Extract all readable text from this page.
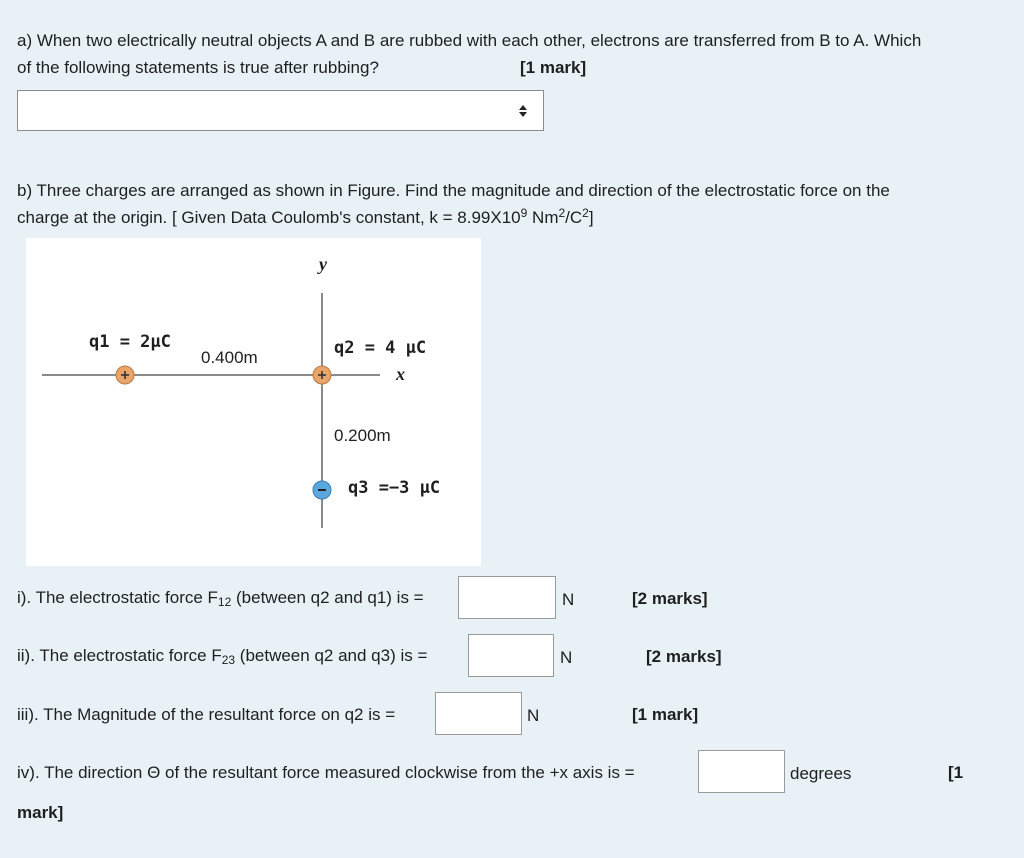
a) When two electrically neutral objects A and B are rubbed with each other, electrons are transferred from B to A. Which
of the following statements is true after rubbing?	[1 mark]
b) Three charges are arranged as shown in Figure. Find the magnitude and direction of the electrostatic force on the
charge at the origin. [ Given Data Coulomb's constant, $k = 8.99X10^9$ $Nm^2/C^2$]
y
x
q1 = 2μC	q2 = 4 μC
q3 =−3 μC
0.400m
0.200m
i). The electrostatic force $F_{12}$ (between q2 and q1) is =	N	[2 marks]
ii). The electrostatic force $F_{23}$ (between q2 and q3) is =	N	[2 marks]
iii). The Magnitude of the resultant force on q2 is =	N	[1 mark]
iv). The direction Θ of the resultant force measured clockwise from the +x axis is =	degrees	[1
mark]
